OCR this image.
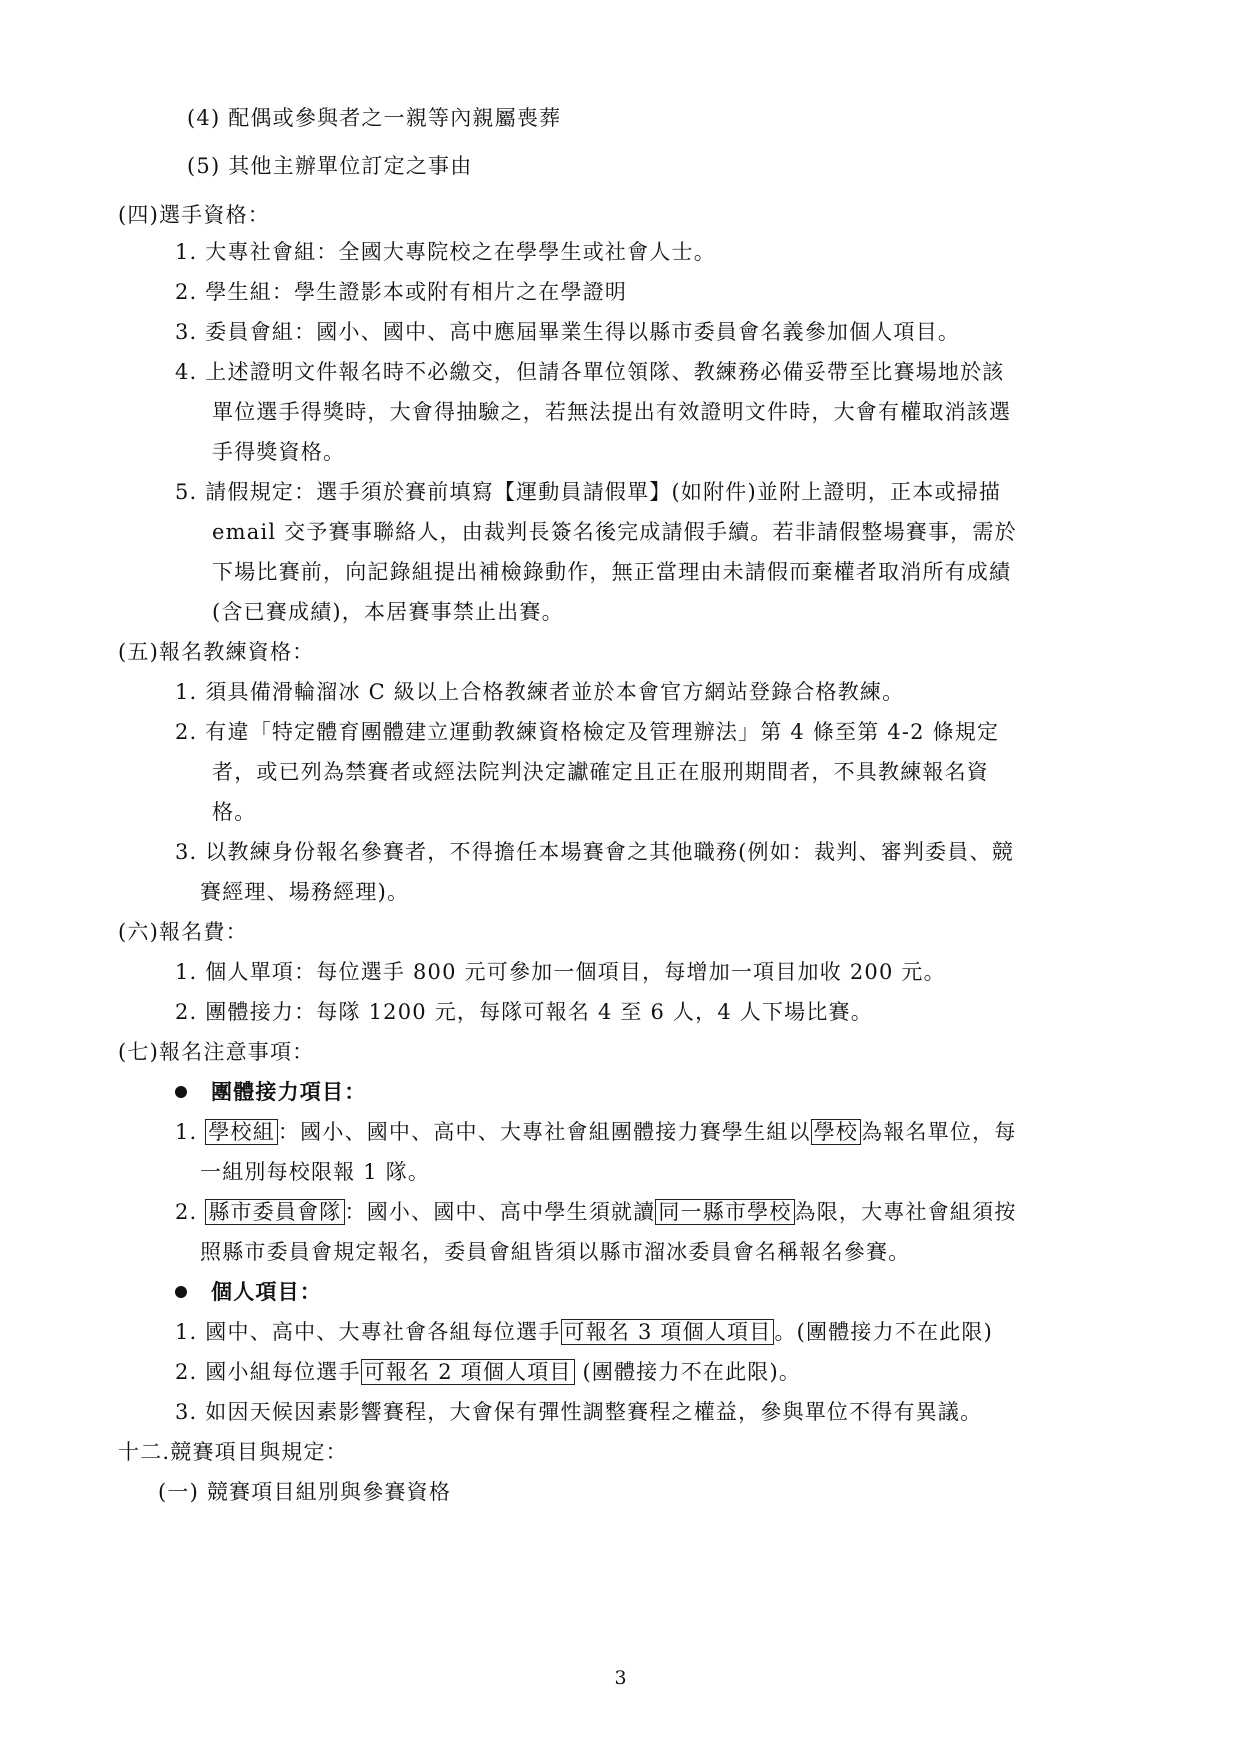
(4) 配偶或參與者之一親等內親屬喪葬
(5) 其他主辦單位訂定之事由
(四)選手資格：
1. 大專社會組：全國大專院校之在學學生或社會人士。
2. 學生組：學生證影本或附有相片之在學證明
3. 委員會組：國小、國中、高中應屆畢業生得以縣市委員會名義參加個人項目。
4. 上述證明文件報名時不必繳交，但請各單位領隊、教練務必備妥帶至比賽場地於該
單位選手得獎時，大會得抽驗之，若無法提出有效證明文件時，大會有權取消該選
手得獎資格。
5. 請假規定：選手須於賽前填寫【運動員請假單】(如附件)並附上證明，正本或掃描
email 交予賽事聯絡人，由裁判長簽名後完成請假手續。若非請假整場賽事，需於
下場比賽前，向記錄組提出補檢錄動作，無正當理由未請假而棄權者取消所有成績
(含已賽成績)，本居賽事禁止出賽。
(五)報名教練資格：
1. 須具備滑輪溜冰 C 級以上合格教練者並於本會官方網站登錄合格教練。
2. 有違「特定體育團體建立運動教練資格檢定及管理辦法」第 4 條至第 4-2 條規定
者，或已列為禁賽者或經法院判決定讞確定且正在服刑期間者，不具教練報名資
格。
3. 以教練身份報名參賽者，不得擔任本場賽會之其他職務(例如：裁判、審判委員、競
賽經理、場務經理)。
(六)報名費：
1. 個人單項：每位選手 800 元可參加一個項目，每增加一項目加收 200 元。
2. 團體接力：每隊 1200 元，每隊可報名 4 至 6 人，4 人下場比賽。
(七)報名注意事項：
團體接力項目：
1. 學校組 ：國小、國中、高中、大專社會組團體接力賽學生組以 學校 為報名單位，每
一組別每校限報 1 隊。
2. 縣市委員會隊 ：國小、國中、高中學生須就讀 同一縣市學校 為限，大專社會組須按
照縣市委員會規定報名，委員會組皆須以縣市溜冰委員會名稱報名參賽。
個人項目：
1. 國中、高中、大專社會各組每位選手 可報名 3 項個人項目 。(團體接力不在此限)
2. 國小組每位選手 可報名 2 項個人項目 (團體接力不在此限)。
3. 如因天候因素影響賽程，大會保有彈性調整賽程之權益，參與單位不得有異議。
十二.競賽項目與規定：
(一) 競賽項目組別與參賽資格
3
